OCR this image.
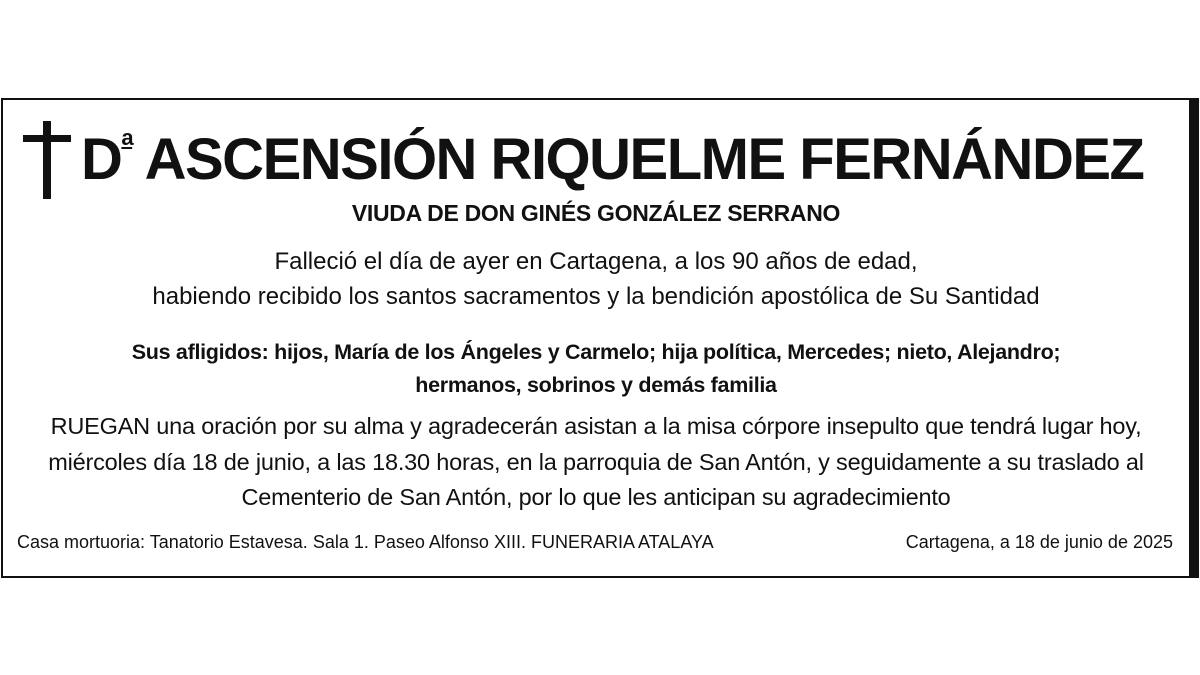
$D^a$ ASCENSIÓN RIQUELME FERNÁNDEZ
VIUDA DE DON GINÉS GONZÁLEZ SERRANO
Falleció el día de ayer en Cartagena, a los 90 años de edad,
habiendo recibido los santos sacramentos y la bendición apostólica de Su Santidad
Sus afligidos: hijos, María de los Ángeles y Carmelo; hija política, Mercedes; nieto, Alejandro;
hermanos, sobrinos y demás familia
RUEGAN una oración por su alma y agradecerán asistan a la misa córpore insepulto que tendrá lugar hoy,
miércoles día 18 de junio, a las 18.30 horas, en la parroquia de San Antón, y seguidamente a su traslado al
Cementerio de San Antón, por lo que les anticipan su agradecimiento
Casa mortuoria: Tanatorio Estavesa. Sala 1. Paseo Alfonso XIII. FUNERARIA ATALAYA	Cartagena, a 18 de junio de 2025
